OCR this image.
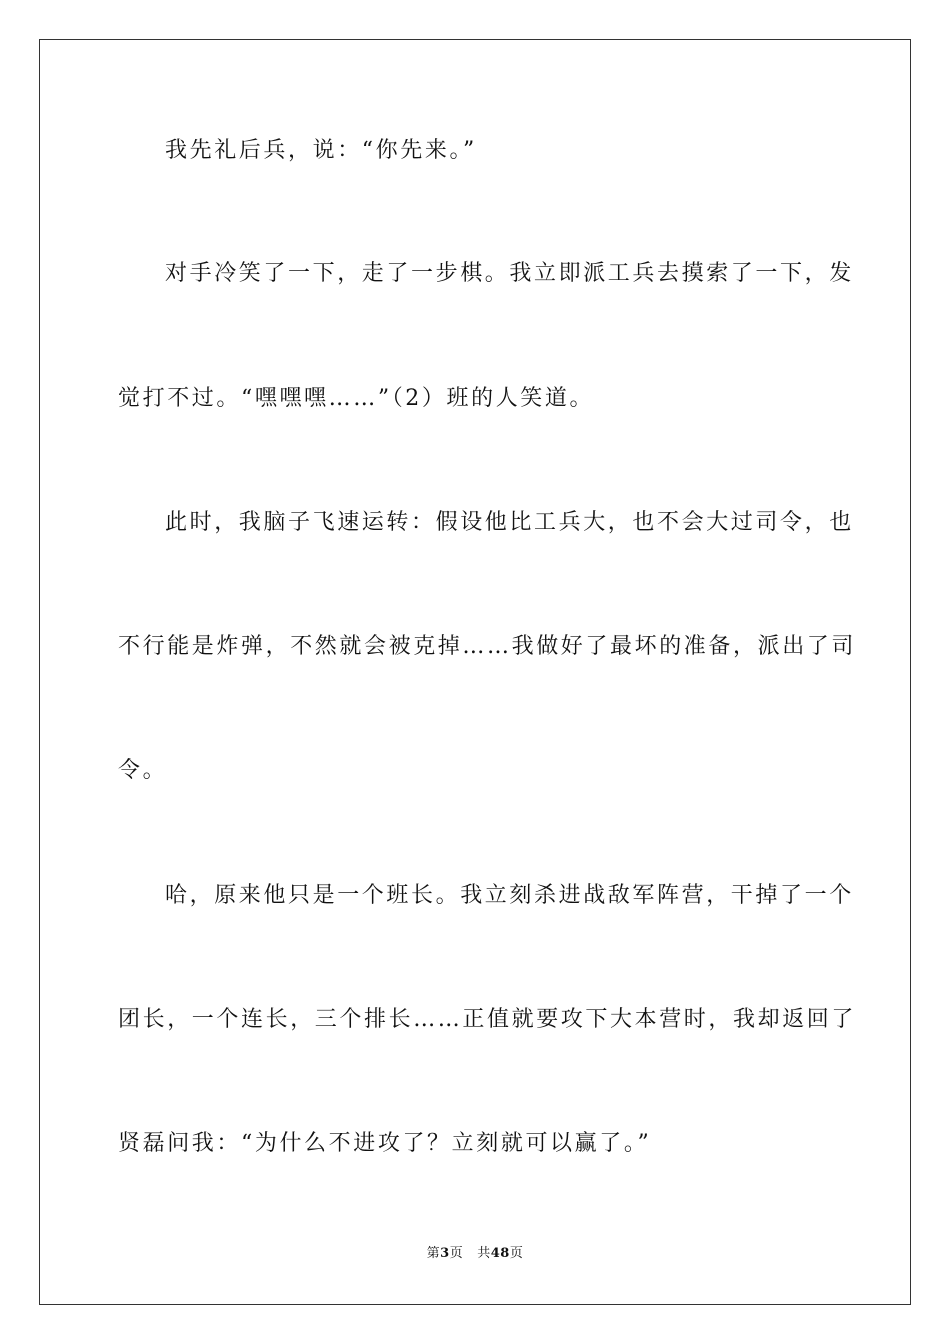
我先礼后兵，说：“你先来。”
对手冷笑了一下，走了一步棋。我立即派工兵去摸索了一下，发
觉打不过。“嘿嘿嘿……”（2）班的人笑道。
此时，我脑子飞速运转：假设他比工兵大，也不会大过司令，也
不行能是炸弹，不然就会被克掉……我做好了最坏的准备，派出了司
令。
哈，原来他只是一个班长。我立刻杀进战敌军阵营，干掉了一个
团长，一个连长，三个排长……正值就要攻下大本营时，我却返回了
贤磊问我：“为什么不进攻了？立刻就可以赢了。”
第3页 共48页
